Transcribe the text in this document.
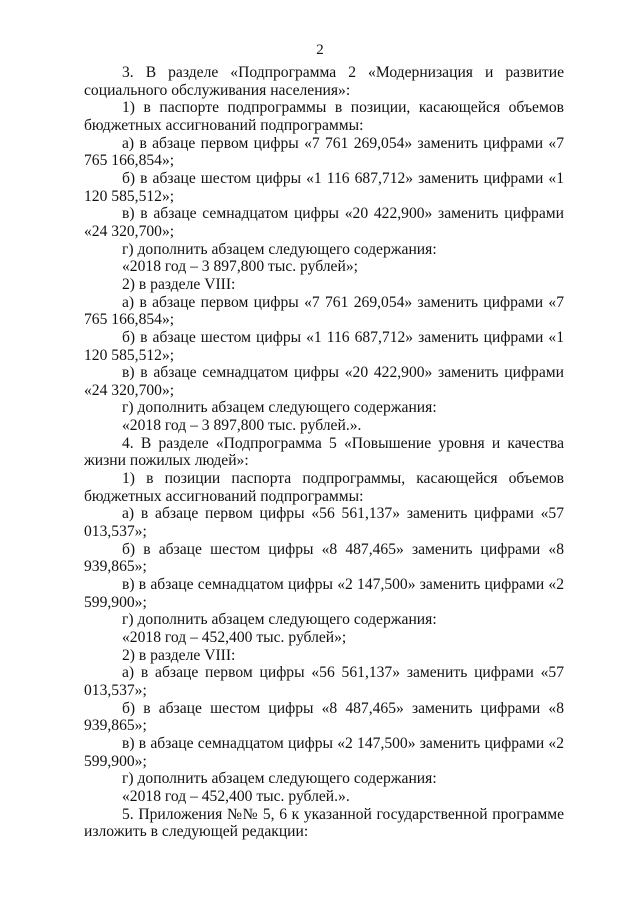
2

3. В разделе «Подпрограмма 2 «Модернизация и развитие социального обслуживания населения»:

1) в паспорте подпрограммы в позиции, касающейся объемов бюджетных ассигнований подпрограммы:

а) в абзаце первом цифры «7 761 269,054» заменить цифрами «7 765 166,854»;

б) в абзаце шестом цифры «1 116 687,712» заменить цифрами «1 120 585,512»;

в) в абзаце семнадцатом цифры «20 422,900» заменить цифрами «24 320,700»;

г) дополнить абзацем следующего содержания:

«2018 год – 3 897,800 тыс. рублей»;

2) в разделе VIII:

а) в абзаце первом цифры «7 761 269,054» заменить цифрами «7 765 166,854»;

б) в абзаце шестом цифры «1 116 687,712» заменить цифрами «1 120 585,512»;

в) в абзаце семнадцатом цифры «20 422,900» заменить цифрами «24 320,700»;

г) дополнить абзацем следующего содержания:

«2018 год – 3 897,800 тыс. рублей.».

4. В разделе «Подпрограмма 5 «Повышение уровня и качества жизни пожилых людей»:

1) в позиции паспорта подпрограммы, касающейся объемов бюджетных ассигнований подпрограммы:

а) в абзаце первом цифры «56 561,137» заменить цифрами «57 013,537»;

б) в абзаце шестом цифры «8 487,465» заменить цифрами «8 939,865»;

в) в абзаце семнадцатом цифры «2 147,500» заменить цифрами «2 599,900»;

г) дополнить абзацем следующего содержания:

«2018 год – 452,400 тыс. рублей»;

2) в разделе VIII:

а) в абзаце первом цифры «56 561,137» заменить цифрами «57 013,537»;

б) в абзаце шестом цифры «8 487,465» заменить цифрами «8 939,865»;

в) в абзаце семнадцатом цифры «2 147,500» заменить цифрами «2 599,900»;

г) дополнить абзацем следующего содержания:

«2018 год – 452,400 тыс. рублей.».

5. Приложения №№ 5, 6 к указанной государственной программе изложить в следующей редакции:
